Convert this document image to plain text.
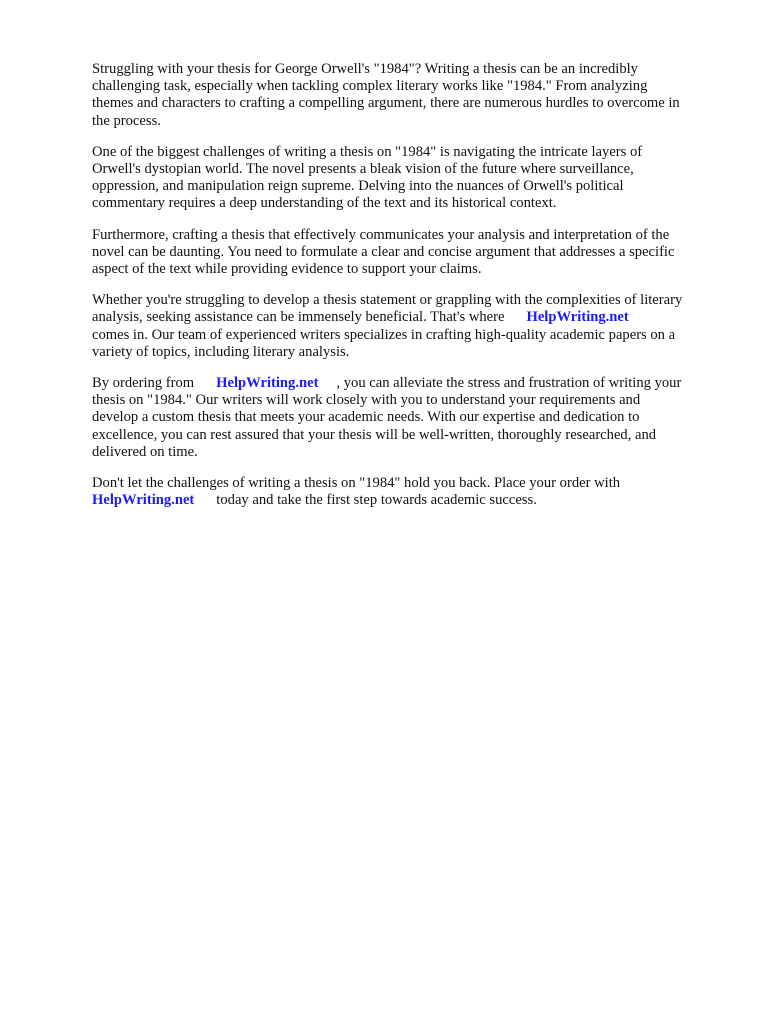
Struggling with your thesis for George Orwell's "1984"? Writing a thesis can be an incredibly
challenging task, especially when tackling complex literary works like "1984." From analyzing
themes and characters to crafting a compelling argument, there are numerous hurdles to overcome in
the process.

One of the biggest challenges of writing a thesis on "1984" is navigating the intricate layers of
Orwell's dystopian world. The novel presents a bleak vision of the future where surveillance,
oppression, and manipulation reign supreme. Delving into the nuances of Orwell's political
commentary requires a deep understanding of the text and its historical context.

Furthermore, crafting a thesis that effectively communicates your analysis and interpretation of the
novel can be daunting. You need to formulate a clear and concise argument that addresses a specific
aspect of the text while providing evidence to support your claims.

Whether you're struggling to develop a thesis statement or grappling with the complexities of literary
analysis, seeking assistance can be immensely beneficial. That's where HelpWriting.net
comes in. Our team of experienced writers specializes in crafting high-quality academic papers on a
variety of topics, including literary analysis.

By ordering from HelpWriting.net , you can alleviate the stress and frustration of writing your
thesis on "1984." Our writers will work closely with you to understand your requirements and
develop a custom thesis that meets your academic needs. With our expertise and dedication to
excellence, you can rest assured that your thesis will be well-written, thoroughly researched, and
delivered on time.

Don't let the challenges of writing a thesis on "1984" hold you back. Place your order with
HelpWriting.net today and take the first step towards academic success.
